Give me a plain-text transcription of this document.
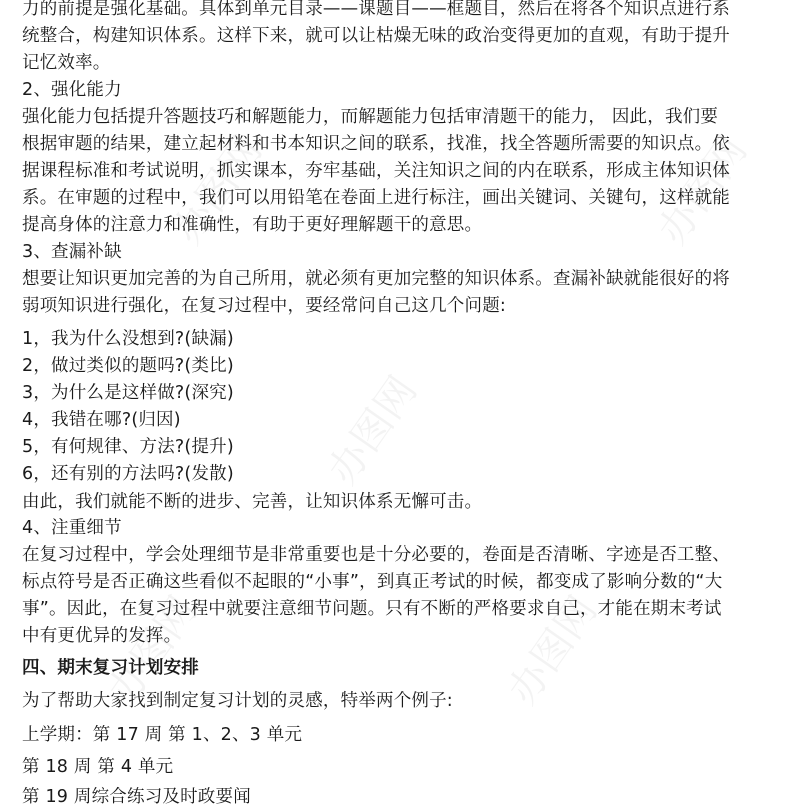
力的前提是强化基础。具体到单元目录——课题目——框题目，然后在将各个知识点进行系
统整合，构建知识体系。这样下来，就可以让枯燥无味的政治变得更加的直观，有助于提升
记忆效率。
2、强化能力
强化能力包括提升答题技巧和解题能力，而解题能力包括审清题干的能力， 因此，我们要
根据审题的结果，建立起材料和书本知识之间的联系，找准，找全答题所需要的知识点。依
据课程标准和考试说明，抓实课本，夯牢基础，关注知识之间的内在联系，形成主体知识体
系。在审题的过程中，我们可以用铅笔在卷面上进行标注，画出关键词、关键句，这样就能
提高身体的注意力和准确性，有助于更好理解题干的意思。
3、查漏补缺
想要让知识更加完善的为自己所用，就必须有更加完整的知识体系。查漏补缺就能很好的将
弱项知识进行强化，在复习过程中，要经常问自己这几个问题:
1，我为什么没想到?(缺漏)
2，做过类似的题吗?(类比)
3，为什么是这样做?(深究)
4，我错在哪?(归因)
5，有何规律、方法?(提升)
6，还有别的方法吗?(发散)
由此，我们就能不断的进步、完善，让知识体系无懈可击。
4、注重细节
在复习过程中，学会处理细节是非常重要也是十分必要的，卷面是否清晰、字迹是否工整、
标点符号是否正确这些看似不起眼的“小事”，到真正考试的时候，都变成了影响分数的“大
事”。因此，在复习过程中就要注意细节问题。只有不断的严格要求自己，才能在期末考试
中有更优异的发挥。
四、期末复习计划安排
为了帮助大家找到制定复习计划的灵感，特举两个例子:
上学期：第 17 周 第 1、2、3 单元
第 18 周 第 4 单元
第 19 周综合练习及时政要闻
